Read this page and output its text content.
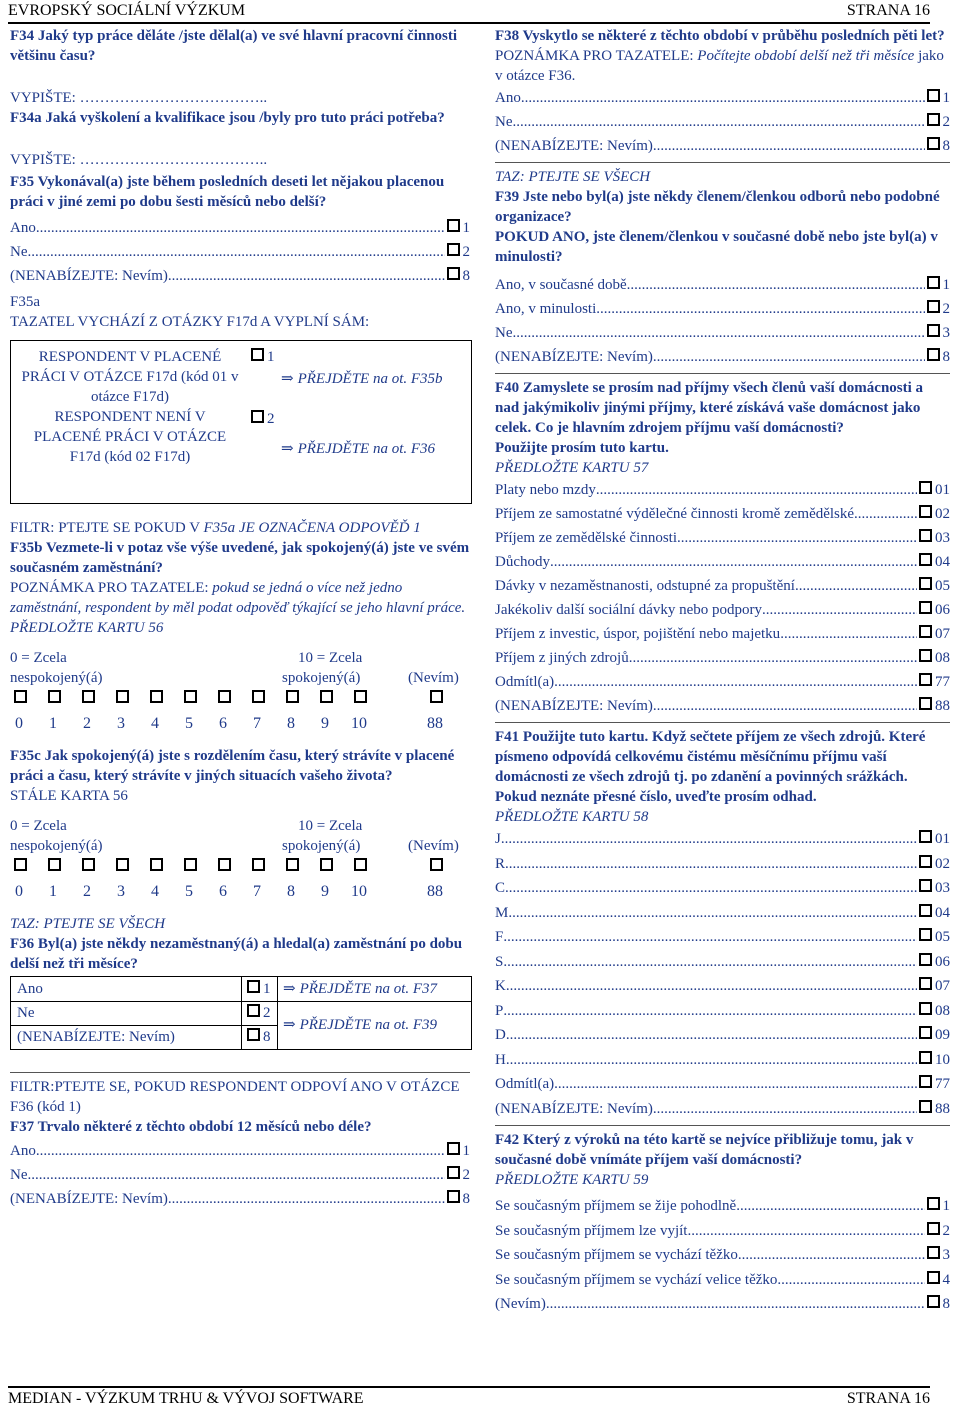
EVROPSKÝ SOCIÁLNÍ VÝZKUM	STRANA 16
F34 Jaký typ práce děláte /jste dělal(a) ve své hlavní pracovní činnosti většinu času?
VYPIŠTE: ………………………………..
F34a Jaká vyškolení a kvalifikace jsou /byly pro tuto práci potřeba?
VYPIŠTE: ………………………………..
F35 Vykonával(a) jste během posledních deseti let nějakou placenou práci v jiné zemi po dobu šesti měsíců nebo delší?
Ano .....	1
Ne .....	2
(NENABÍZEJTE: Nevím) .....	8
F35a
TAZATEL VYCHÁZÍ Z OTÁZKY F17d A VYPLNÍ SÁM:
RESPONDENT V PLACENÉ PRÁCI V OTÁZCE F17d (kód 01 v otázce F17d)
1
⇒ PŘEJDĚTE na ot. F35b
RESPONDENT NENÍ V PLACENÉ PRÁCI V OTÁZCE F17d (kód 02 F17d)
2
⇒ PŘEJDĚTE na ot. F36
FILTR: PTEJTE SE POKUD V F35a JE OZNAČENA ODPOVĚĎ 1
F35b Vezmete-li v potaz vše výše uvedené, jak spokojený(á) jste ve svém současném zaměstnání?
POZNÁMKA PRO TAZATELE: pokud se jedná o více než jedno zaměstnání, respondent by měl podat odpověď týkající se jeho hlavní práce.
PŘEDLOŽTE KARTU 56
0 = Zcela
nespokojený(á)
10 = Zcela
spokojený(á)	(Nevím)
0 1 2 3 4 5 6 7 8 9 10	88
F35c Jak spokojený(á) jste s rozdělením času, který strávíte v placené práci a času, který strávíte v jiných situacích vašeho života?
STÁLE KARTA 56
0 = Zcela
nespokojený(á)
10 = Zcela
spokojený(á)	(Nevím)
0 1 2 3 4 5 6 7 8 9 10	88
TAZ: PTEJTE SE VŠECH
F36 Byl(a) jste někdy nezaměstnaný(á) a hledal(a) zaměstnání po dobu delší než tři měsíce?
Ano	1 ⇒ PŘEJDĚTE na ot. F37
Ne	2
⇒ PŘEJDĚTE na ot. F39
(NENABÍZEJTE: Nevím)	8
FILTR:PTEJTE SE, POKUD RESPONDENT ODPOVÍ ANO V OTÁZCE F36 (kód 1)
F37 Trvalo některé z těchto období 12 měsíců nebo déle?
Ano .....	1
Ne .....	2
(NENABÍZEJTE: Nevím) .....	8
F38 Vyskytlo se některé z těchto období v průběhu posledních pěti let?
POZNÁMKA PRO TAZATELE: Počítejte období delší než tři měsíce jako v otázce F36.
Ano .....	1
Ne .....	2
(NENABÍZEJTE: Nevím) .....	8
TAZ: PTEJTE SE VŠECH
F39 Jste nebo byl(a) jste někdy členem/členkou odborů nebo podobné organizace?
POKUD ANO, jste členem/členkou v současné době nebo jste byl(a) v minulosti?
Ano, v současné době .....	1
Ano, v minulosti .....	2
Ne .....	3
(NENABÍZEJTE: Nevím) .....	8
F40 Zamyslete se prosím nad příjmy všech členů vaší domácnosti a nad jakýmikoliv jinými příjmy, které získává vaše domácnost jako celek. Co je hlavním zdrojem příjmu vaší domácnosti?
Použijte prosím tuto kartu.
PŘEDLOŽTE KARTU 57
Platy nebo mzdy .....	01
Příjem ze samostatné výdělečné činnosti kromě zemědělské .....	02
Příjem ze zemědělské činnosti .....	03
Důchody .....	04
Dávky v nezaměstnanosti, odstupné za propuštění .....	05
Jakékoliv další sociální dávky nebo podpory .....	06
Příjem z investic, úspor, pojištění nebo majetku .....	07
Příjem z jiných zdrojů .....	08
Odmítl(a) .....	77
(NENABÍZEJTE: Nevím) .....	88
F41 Použijte tuto kartu. Když sečtete příjem ze všech zdrojů. Které písmeno odpovídá celkovému čistému měsíčnímu příjmu vaší domácnosti ze všech zdrojů tj. po zdanění a povinných srážkách. Pokud neznáte přesné číslo, uveďte prosím odhad.
PŘEDLOŽTE KARTU 58
J .....	01
R .....	02
C .....	03
M .....	04
F .....	05
S .....	06
K .....	07
P .....	08
D .....	09
H .....	10
Odmítl(a) .....	77
(NENABÍZEJTE: Nevím) .....	88
F42 Který z výroků na této kartě se nejvíce přibližuje tomu, jak v současné době vnímáte příjem vaší domácnosti?
PŘEDLOŽTE KARTU 59
Se současným příjmem se žije pohodlně .....	1
Se současným příjmem lze vyjít .....	2
Se současným příjmem se vychází těžko .....	3
Se současným příjmem se vychází velice těžko .....	4
(Nevím) .....	8
MEDIAN - VÝZKUM TRHU & VÝVOJ SOFTWARE	STRANA 16
